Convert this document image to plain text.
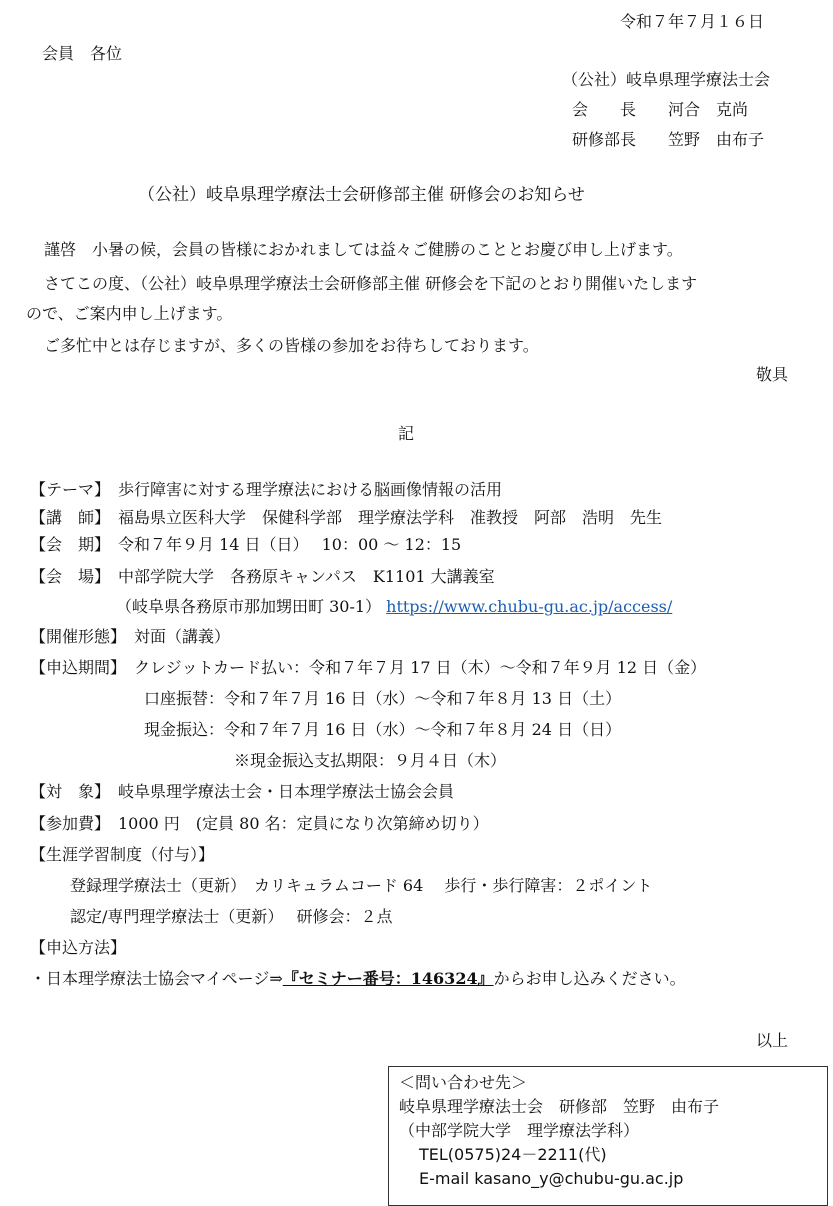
令和７年７月１６日
会員　各位
（公社）岐阜県理学療法士会
会　　長　　河合　克尚
研修部長　　笠野　由布子
（公社）岐阜県理学療法士会研修部主催 研修会のお知らせ
謹啓　小暑の候，会員の皆様におかれましては益々ご健勝のこととお慶び申し上げます。
さてこの度、（公社）岐阜県理学療法士会研修部主催 研修会を下記のとおり開催いたします
ので、ご案内申し上げます。
ご多忙中とは存じますが、多くの皆様の参加をお待ちしております。
敬具
記
【テーマ】　歩行障害に対する理学療法における脳画像情報の活用
【講　師】　福島県立医科大学　保健科学部　理学療法学科　准教授　阿部　浩明　先生
【会　期】　令和７年９月 14 日（日）　 10：00 ～ 12：15
【会　場】　中部学院大学　各務原キャンパス　K1101 大講義室
（岐阜県各務原市那加甥田町 30-1） https://www.chubu-gu.ac.jp/access/
【開催形態】　対面（講義）
【申込期間】　クレジットカード払い：令和７年７月 17 日（木）～令和７年９月 12 日（金）
口座振替：令和７年７月 16 日（水）～令和７年８月 13 日（土）
現金振込：令和７年７月 16 日（水）～令和７年８月 24 日（日）
※現金振込支払期限：９月４日（木）
【対　象】　岐阜県理学療法士会・日本理学療法士協会会員
【参加費】　1000 円　(定員 80 名：定員になり次第締め切り）
【生涯学習制度（付与）】
登録理学療法士（更新）　カリキュラムコード 64　 歩行・歩行障害：２ポイント
認定/専門理学療法士（更新）　 研修会：２点
【申込方法】
・日本理学療法士協会マイページ⇒『セミナー番号：146324』からお申し込みください。
以上
＜問い合わせ先＞
岐阜県理学療法士会　研修部　笠野　由布子
（中部学院大学　理学療法学科）
TEL(0575)24－2211(代)
E-mail kasano_y@chubu-gu.ac.jp
